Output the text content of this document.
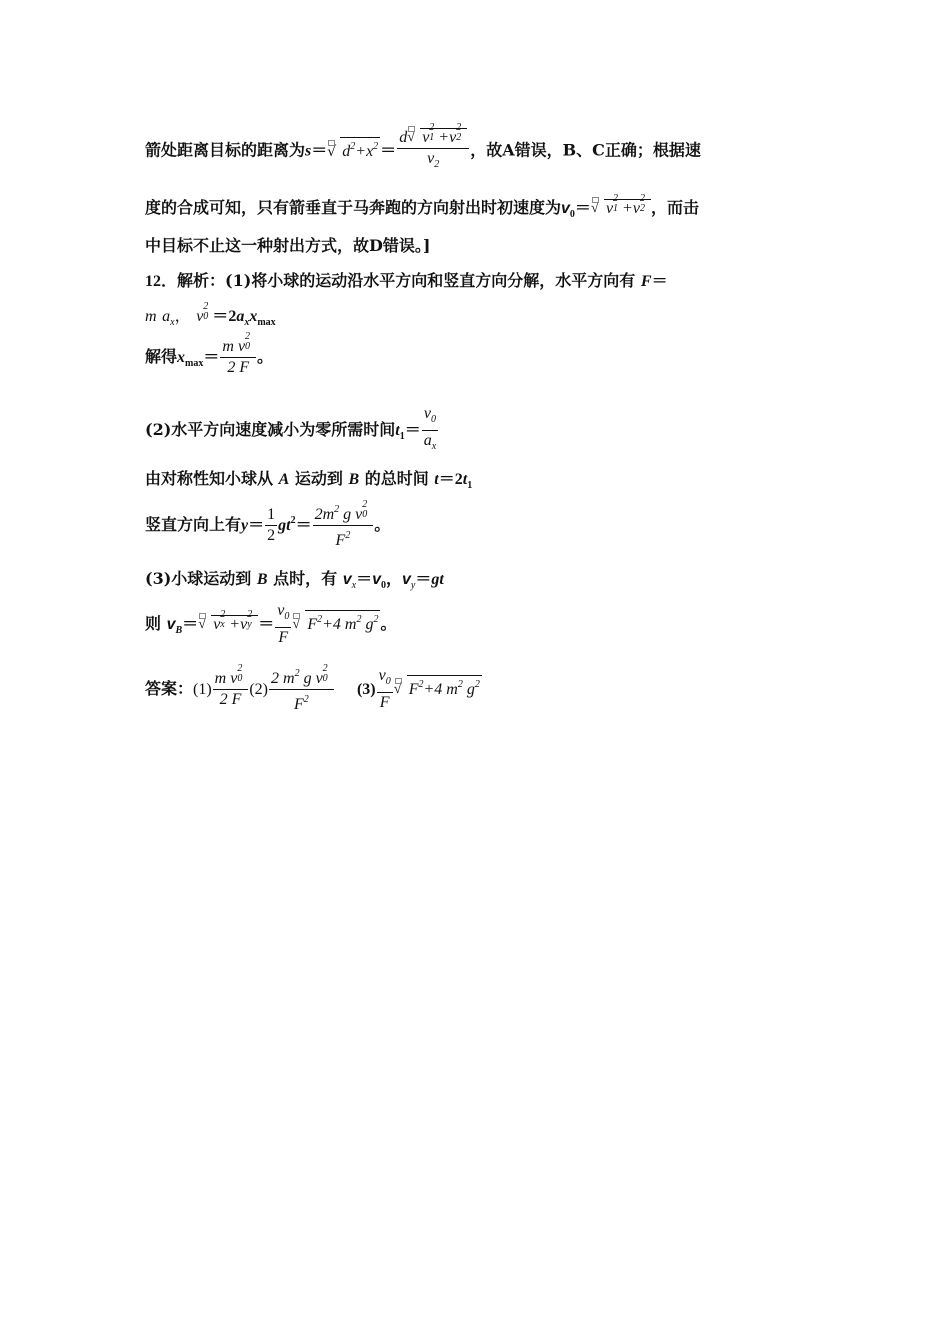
箭处距离目标的距离为s＝ √ $d^2+x^2 = d$ √ v
2
1 +v
2
2
$v_2$ ，故A错误，B、C正确；根据速
度的合成可知，只有箭垂直于马奔跑的方向射出时初速度为$v_0=$ √ v
2
1 +v
2
2 ，而击
中目标不止这一种射出方式，故D错误。]
12．解析：(1)将小球的运动沿水平方向和竖直方向分解，水平方向有 F＝
m $a_x$， v
2
$0 =2a_xx_{max}$
解得$x_{max}= m$ v
2
0
2 F 。
(2)水平方向速度减小为零所需时间$t_1= \frac{v_0}{a_x}$
由对称性知小球从 A 运动到 B 的总时间 $t=2t_1$
竖直方向上有$y= \frac{1}{2} gt^2= 2m^2$ g v
2
0
$F^2$ 。
(3)小球运动到 B 点时，有 $v_x=v_0$，$v_y=gt$
则 $v_B=$ √ v
2
x +v
2
$y = \frac{v_0}{F}$ √ $F^2+4$ $m^2$ $g^2$ 。
答案：(1) m v
2
0
2 F (2) 2 $m^2$ g v
2
0
$F^2$ $(3) \frac{v_0}{F}$ √ $F^2+4$ $m^2$ $g^2$
